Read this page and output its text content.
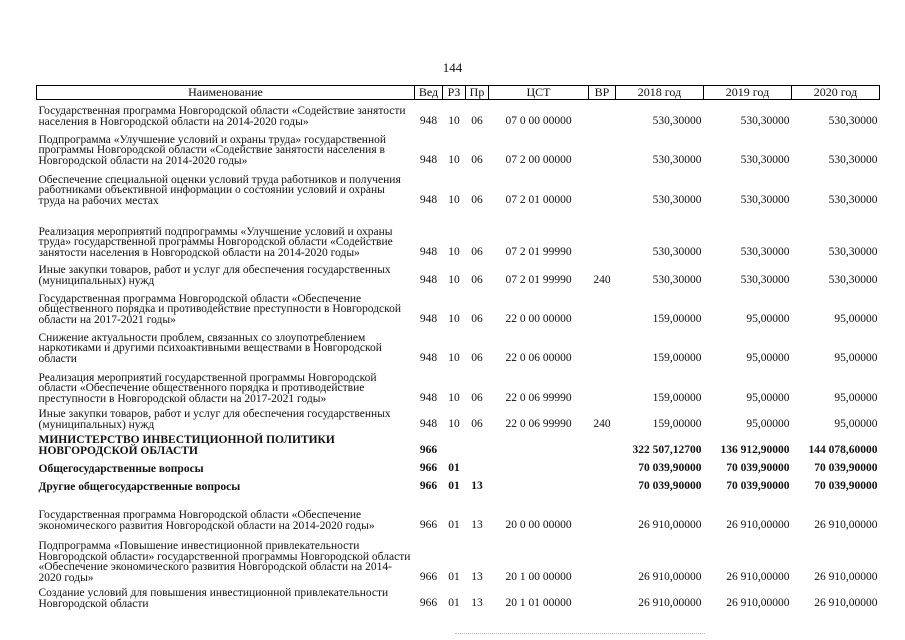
144
Наименование	Вед	РЗ	Пр	ЦСТ	ВР	2018 год	2019 год	2020 год
Государственная программа Новгородской области «Содействие занятости населения в Новгородской области на 2014-2020 годы»	948	10	06	07 0 00 00000		530,30000	530,30000	530,30000
Подпрограмма «Улучшение условий и охраны труда» государственной программы Новгородской области «Содействие занятости населения в Новгородской области на 2014-2020 годы»	948	10	06	07 2 00 00000		530,30000	530,30000	530,30000
Обеспечение специальной оценки условий труда работников и получения работниками объективной информации о состоянии условий и охраны труда на рабочих местах	948	10	06	07 2 01 00000		530,30000	530,30000	530,30000
Реализация мероприятий подпрограммы «Улучшение условий и охраны труда» государственной программы Новгородской области «Содействие занятости населения в Новгородской области на 2014-2020 годы»	948	10	06	07 2 01 99990		530,30000	530,30000	530,30000
Иные закупки товаров, работ и услуг для обеспечения государственных (муниципальных) нужд	948	10	06	07 2 01 99990	240	530,30000	530,30000	530,30000
Государственная программа Новгородской области «Обеспечение общественного порядка и противодействие преступности в Новгородской области на 2017-2021 годы»	948	10	06	22 0 00 00000		159,00000	95,00000	95,00000
Снижение актуальности проблем, связанных со злоупотреблением наркотиками и другими психоактивными веществами в Новгородской области	948	10	06	22 0 06 00000		159,00000	95,00000	95,00000
Реализация мероприятий государственной программы Новгородской области «Обеспечение общественного порядка и противодействие преступности в Новгородской области на 2017-2021 годы»	948	10	06	22 0 06 99990		159,00000	95,00000	95,00000
Иные закупки товаров, работ и услуг для обеспечения государственных (муниципальных) нужд	948	10	06	22 0 06 99990	240	159,00000	95,00000	95,00000
МИНИСТЕРСТВО ИНВЕСТИЦИОННОЙ ПОЛИТИКИ НОВГОРОДСКОЙ ОБЛАСТИ	966					322 507,12700	136 912,90000	144 078,60000
Общегосударственные вопросы	966	01				70 039,90000	70 039,90000	70 039,90000
Другие общегосударственные вопросы	966	01	13			70 039,90000	70 039,90000	70 039,90000
Государственная программа Новгородской области «Обеспечение экономического развития Новгородской области на 2014-2020 годы»	966	01	13	20 0 00 00000		26 910,00000	26 910,00000	26 910,00000
Подпрограмма «Повышение инвестиционной привлекательности Новгородской области» государственной программы Новгородской области «Обеспечение экономического развития Новгородской области на 2014-2020 годы»	966	01	13	20 1 00 00000		26 910,00000	26 910,00000	26 910,00000
Создание условий для повышения инвестиционной привлекательности Новгородской области	966	01	13	20 1 01 00000		26 910,00000	26 910,00000	26 910,00000
